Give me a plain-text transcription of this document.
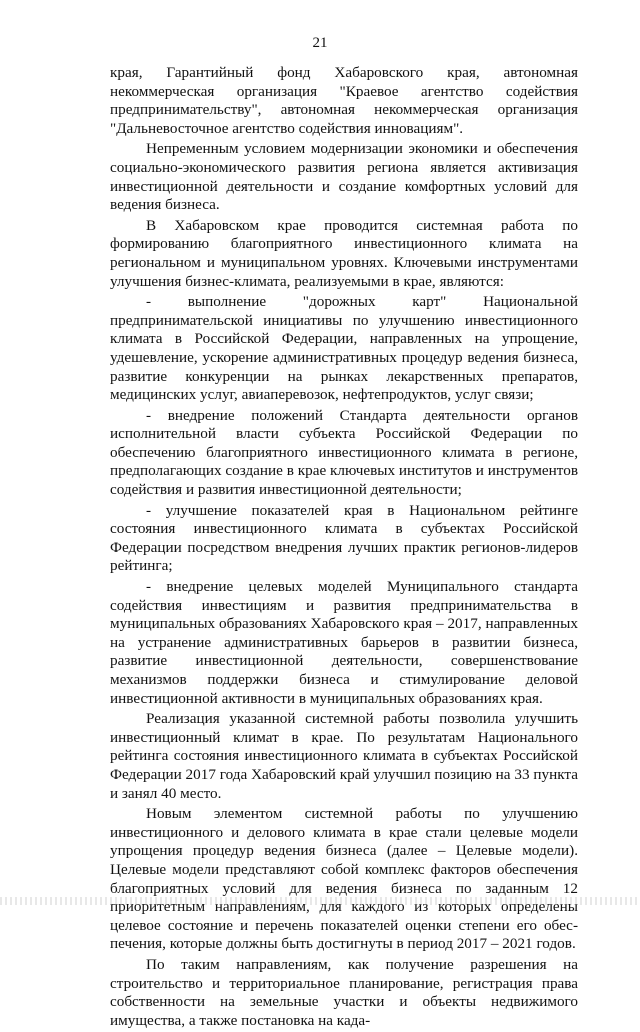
21

края, Гарантийный фонд Хабаровского края, автономная некоммерческая организация "Краевое агентство содействия предпринимательству", автономная некоммерческая организация "Дальневосточное агентство содействия инновациям".

Непременным условием модернизации экономики и обеспечения социально-экономического развития региона является активизация инвестиционной деятельности и создание комфортных условий для ведения бизнеса.

В Хабаровском крае проводится системная работа по формированию благоприятного инвестиционного климата на региональном и муниципальном уровнях. Ключевыми инструментами улучшения бизнес-климата, реализуемыми в крае, являются:

- выполнение "дорожных карт" Национальной предпринимательской инициативы по улучшению инвестиционного климата в Российской Федерации, направленных на упрощение, удешевление, ускорение административных процедур ведения бизнеса, развитие конкуренции на рынках лекарственных препаратов, медицинских услуг, авиаперевозок, нефтепродуктов, услуг связи;

- внедрение положений Стандарта деятельности органов исполнительной власти субъекта Российской Федерации по обеспечению благоприятного инвестиционного климата в регионе, предполагающих создание в крае ключевых институтов и инструментов содействия и развития инвестиционной деятельности;

- улучшение показателей края в Национальном рейтинге состояния инвестиционного климата в субъектах Российской Федерации посредством внедрения лучших практик регионов-лидеров рейтинга;

- внедрение целевых моделей Муниципального стандарта содействия инвестициям и развития предпринимательства в муниципальных образованиях Хабаровского края – 2017, направленных на устранение административных барьеров в развитии бизнеса, развитие инвестиционной деятельности, совершенствование механизмов поддержки бизнеса и стимулирование деловой инвестиционной активности в муниципальных образованиях края.

Реализация указанной системной работы позволила улучшить инвестиционный климат в крае. По результатам Национального рейтинга состояния инвестиционного климата в субъектах Российской Федерации 2017 года Хабаровский край улучшил позицию на 33 пункта и занял 40 место.

Новым элементом системной работы по улучшению инвестиционного и делового климата в крае стали целевые модели упрощения процедур ведения бизнеса (далее – Целевые модели). Целевые модели представляют собой комплекс факторов обеспечения благоприятных условий для ведения бизнеса по заданным 12 приоритетным направлениям, для каждого из которых определены целевое состояние и перечень показателей оценки степени его обеспечения, которые должны быть достигнуты в период 2017 – 2021 годов.

По таким направлениям, как получение разрешения на строительство и территориальное планирование, регистрация права собственности на земельные участки и объекты недвижимого имущества, а также постановка на када-
